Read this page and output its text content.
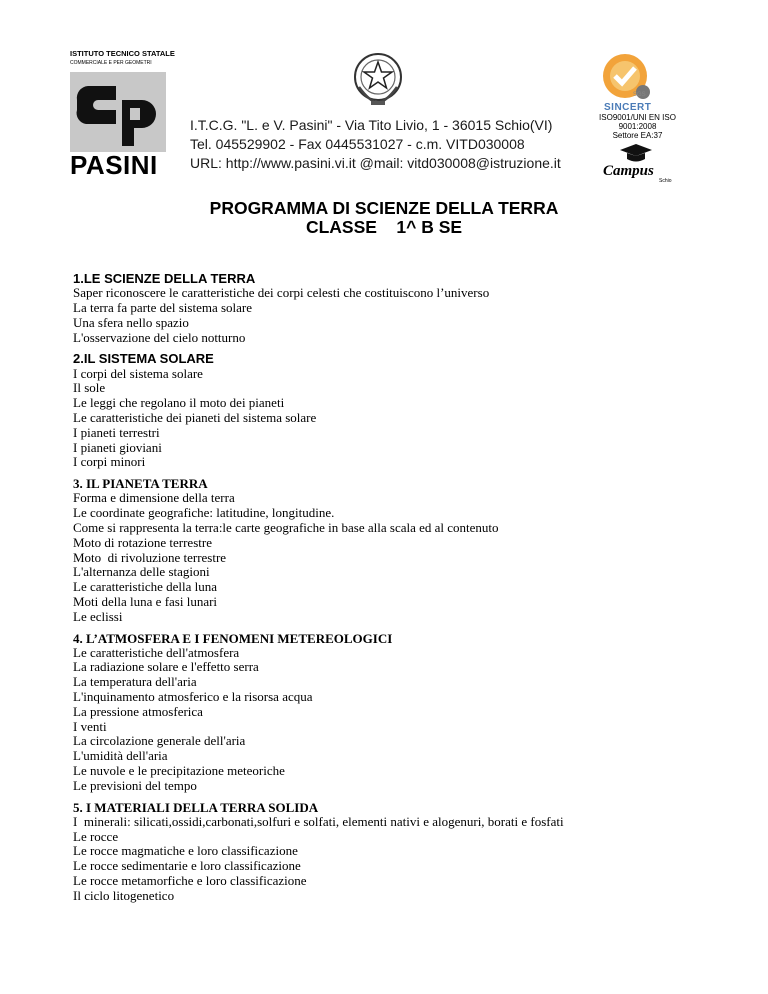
ISTITUTO TECNICO STATALE
COMMERCIALE E PER GEOMETRI
PASINI
I.T.C.G. "L. e V. Pasini" - Via Tito Livio, 1 - 36015 Schio(VI)
Tel. 045529902 - Fax 0445531027 - c.m. VITD030008
URL: http://www.pasini.vi.it @mail: vitd030008@istruzione.it
SGS
SINCERT
ISO9001/UNI EN ISO
9001:2008
Settore EA:37
Campus
Schio
PROGRAMMA DI SCIENZE DELLA TERRA
CLASSE    1^ B SE
1.LE SCIENZE DELLA TERRA
Saper riconoscere le caratteristiche dei corpi celesti che costituiscono l’universo
La terra fa parte del sistema solare
Una sfera nello spazio
L'osservazione del cielo notturno
2.IL SISTEMA SOLARE
I corpi del sistema solare
Il sole
Le leggi che regolano il moto dei pianeti
Le caratteristiche dei pianeti del sistema solare
I pianeti terrestri
I pianeti gioviani
I corpi minori
3. IL PIANETA TERRA
Forma e dimensione della terra
Le coordinate geografiche: latitudine, longitudine.
Come si rappresenta la terra:le carte geografiche in base alla scala ed al contenuto
Moto di rotazione terrestre
Moto  di rivoluzione terrestre
L'alternanza delle stagioni
Le caratteristiche della luna
Moti della luna e fasi lunari
Le eclissi
4. L’ATMOSFERA E I FENOMENI METEREOLOGICI
Le caratteristiche dell'atmosfera
La radiazione solare e l'effetto serra
La temperatura dell'aria
L'inquinamento atmosferico e la risorsa acqua
La pressione atmosferica
I venti
La circolazione generale dell'aria
L'umidità dell'aria
Le nuvole e le precipitazione meteoriche
Le previsioni del tempo
5. I MATERIALI DELLA TERRA SOLIDA
I  minerali: silicati,ossidi,carbonati,solfuri e solfati, elementi nativi e alogenuri, borati e fosfati
Le rocce
Le rocce magmatiche e loro classificazione
Le rocce sedimentarie e loro classificazione
Le rocce metamorfiche e loro classificazione
Il ciclo litogenetico
